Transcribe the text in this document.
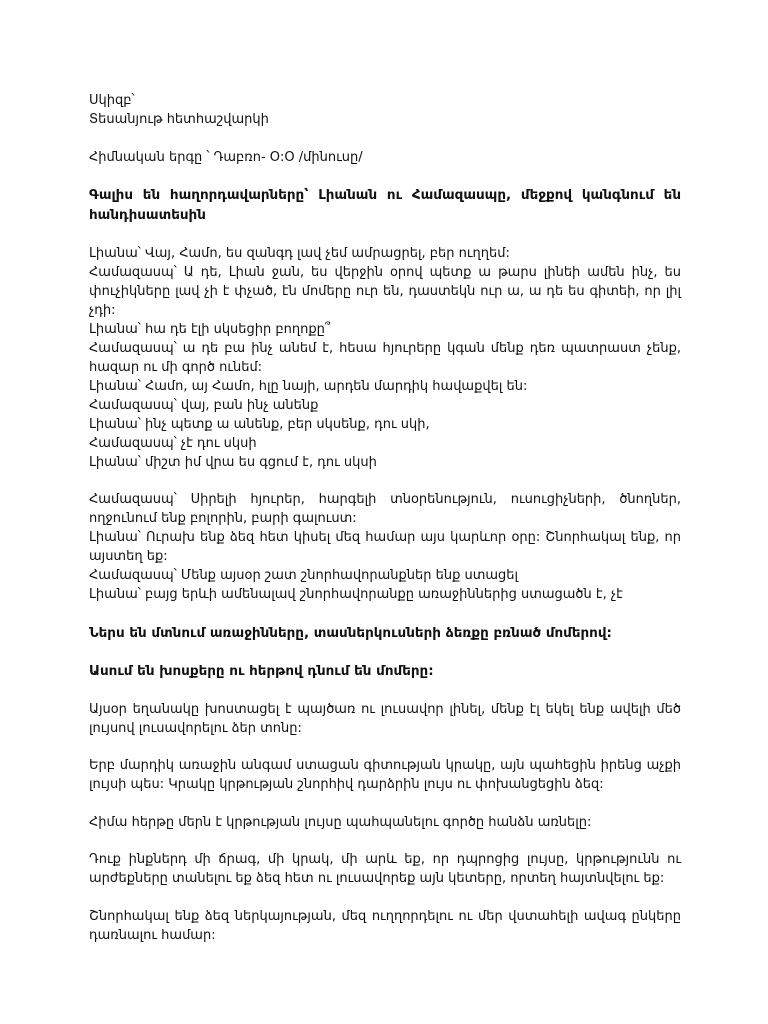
Սկիզբ՝

Տեսանյութ հետհաշվարկի

Հիմնական երգը ՝ Դաբռո- Օ:Օ /մինուսը/

Գալիս են հաղորդավարները՝ Լիանան ու Համազասպը, մեջքով կանգնում են հանդիսատեսին

Լիանա՝ Վայ, Համո, ես զանգդ լավ չեմ ամրացրել, բեր ուղղեմ:

Համազասպ՝ Ա դե, Լիան ջան, ես վերջին օրով պետք ա թարս լինեի ամեն ինչ, ես փուչիկները լավ չի է փչած, էն մոմերը ուր են, դաստեկն ուր ա, ա դե ես գիտեի, որ լիլ չդի:

Լիանա՝ հա դե էլի սկսեցիր բողոքը՞

Համազասպ՝ ա դե բա ինչ անեմ է, հեսա հյուրերը կգան մենք դեռ պատրաստ չենք, հազար ու մի գործ ունեմ:

Լիանա՝ Համո, այ Համո, հլը նայի, արդեն մարդիկ հավաքվել են:

Համազասպ՝ վայ, բան ինչ անենք

Լիանա՝ ինչ պետք ա անենք, բեր սկսենք, դու սկի,

Համազասպ՝ չէ դու սկսի

Լիանա՝ միշտ իմ վրա ես գցում է, դու սկսի

Համազասպ՝ Սիրելի հյուրեր, հարգելի տնօրենություն, ուսուցիչների, ծնողներ, ողջունում ենք բոլորին, բարի գալուստ:

Լիանա՝ Ուրախ ենք ձեզ հետ կիսել մեզ համար այս կարևոր օրը: Շնորհակալ ենք, որ այստեղ եք:

Համազասպ՝ Մենք այսօր շատ շնորհավորանքներ ենք ստացել

Լիանա՝ բայց երևի ամենալավ շնորհավորանքը առաջիններից ստացածն է, չէ

Ներս են մտնում առաջինները, տասներկուսների ձեռքը բռնած մոմերով:

Ասում են խոսքերը ու հերթով դնում են մոմերը:

Այսօր եղանակը խոստացել է պայծառ ու լուսավոր լինել, մենք էլ եկել ենք ավելի մեծ լույսով լուսավորելու ձեր տոնը:

Երբ մարդիկ առաջին անգամ ստացան գիտության կրակը, այն պահեցին իրենց աչքի լույսի պես: Կրակը կրթության շնորհիվ դարձրին լույս ու փոխանցեցին ձեզ:

Հիմա հերթը մերն է կրթության լույսը պահպանելու գործը հանձն առնելը:

Դուք ինքներդ մի ճրագ, մի կրակ, մի արև եք, որ դպրոցից լույսը, կրթությունն ու արժեքները տանելու եք ձեզ հետ ու լուսավորեք այն կետերը, որտեղ հայտնվելու եք:

Շնորհակալ ենք ձեզ ներկայության, մեզ ուղղորդելու ու մեր վստահելի ավագ ընկերը դառնալու համար:
